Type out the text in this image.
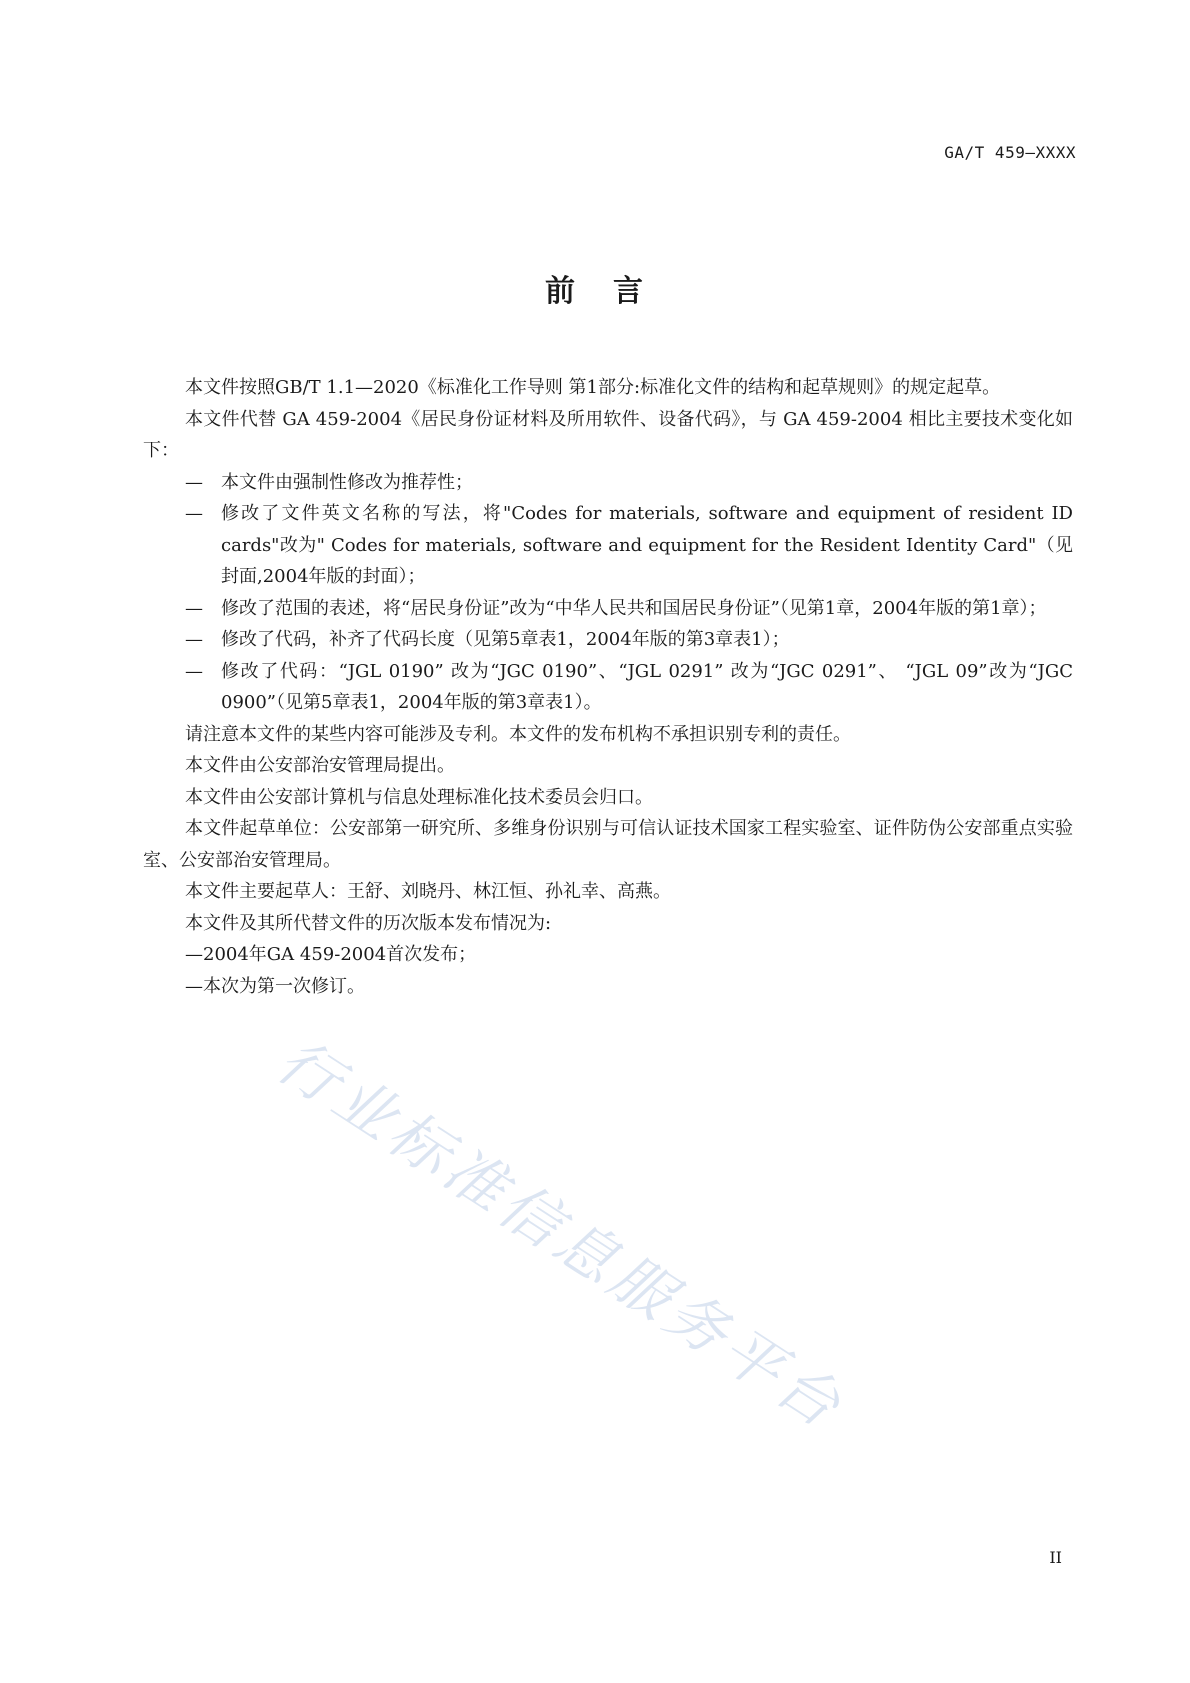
GA/T 459—XXXX
前 言

本文件按照GB/T 1.1—2020《标准化工作导则 第1部分:标准化文件的结构和起草规则》的规定起草。

本文件代替 GA 459-2004《居民身份证材料及所用软件、设备代码》，与 GA 459-2004 相比主要技术变化如下：

— 本文件由强制性修改为推荐性；

— 修改了文件英文名称的写法，将"Codes for materials, software and equipment of resident ID cards"改为" Codes for materials, software and equipment for the Resident Identity Card"（见封面,2004年版的封面）；

— 修改了范围的表述，将“居民身份证”改为“中华人民共和国居民身份证”（见第1章，2004年版的第1章）；

— 修改了代码，补齐了代码长度（见第5章表1，2004年版的第3章表1）；

— 修改了代码：“JGL 0190” 改为“JGC 0190”、“JGL 0291” 改为“JGC 0291”、 “JGL 09”改为“JGC 0900”（见第5章表1，2004年版的第3章表1）。

请注意本文件的某些内容可能涉及专利。本文件的发布机构不承担识别专利的责任。

本文件由公安部治安管理局提出。

本文件由公安部计算机与信息处理标准化技术委员会归口。

本文件起草单位：公安部第一研究所、多维身份识别与可信认证技术国家工程实验室、证件防伪公安部重点实验室、公安部治安管理局。

本文件主要起草人：王舒、刘晓丹、林江恒、孙礼幸、高燕。

本文件及其所代替文件的历次版本发布情况为:

—2004年GA 459-2004首次发布；

—本次为第一次修订。

行业标准信息服务平台
II
